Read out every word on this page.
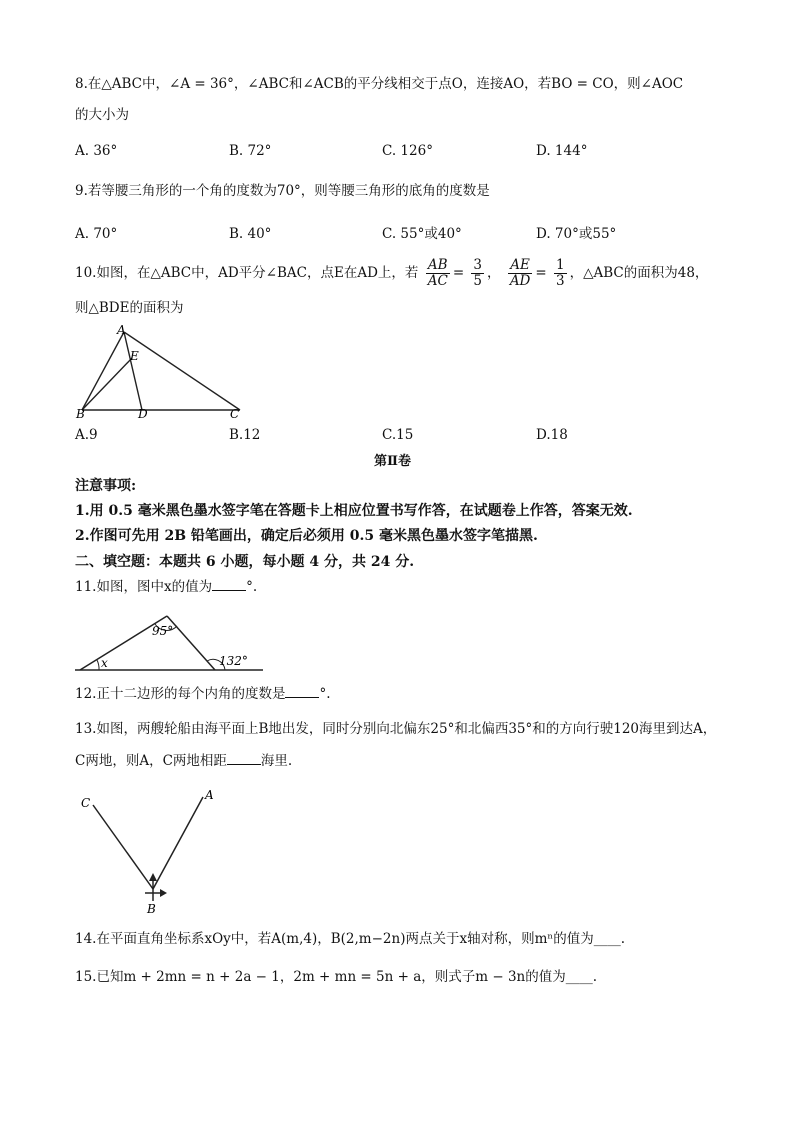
8.在△ABC中，∠A = 36°，∠ABC和∠ACB的平分线相交于点O，连接AO，若BO = CO，则∠AOC
的大小为
A. 36°	B. 72°	C. 126°	D. 144°
9.若等腰三角形的一个角的度数为70°，则等腰三角形的底角的度数是
A. 70°	B. 40°	C. 55°或40°	D. 70°或55°
10.如图，在△ABC中，AD平分∠BAC，点E在AD上，若 $\frac{AB}{AC} = \frac{3}{5}$ ， $\frac{AE}{AD} = \frac{1}{3}$ ，△ABC的面积为48，
则△BDE的面积为
A
E
B	D	C
A.9	B.12	C.15	D.18
第Ⅱ卷
注意事项:
1.用 0.5 毫米黑色墨水签字笔在答题卡上相应位置书写作答，在试题卷上作答，答案无效.
2.作图可先用 2B 铅笔画出，确定后必须用 0.5 毫米黑色墨水签字笔描黑.
二、填空题：本题共 6 小题，每小题 4 分，共 24 分.
11.如图，图中x的值为	°.
95°
x	132°
12.正十二边形的每个内角的度数是	°.
13.如图，两艘轮船由海平面上B地出发，同时分别向北偏东25°和北偏西35°和的方向行驶120海里到达A，
C两地，则A，C两地相距	海里.
C
A
B
14.在平面直角坐标系xOy中，若A(m,4)，B(2,m−2n)两点关于x轴对称，则mⁿ的值为____.
15.已知m + 2mn = n + 2a − 1，2m + mn = 5n + a，则式子m − 3n的值为____.
